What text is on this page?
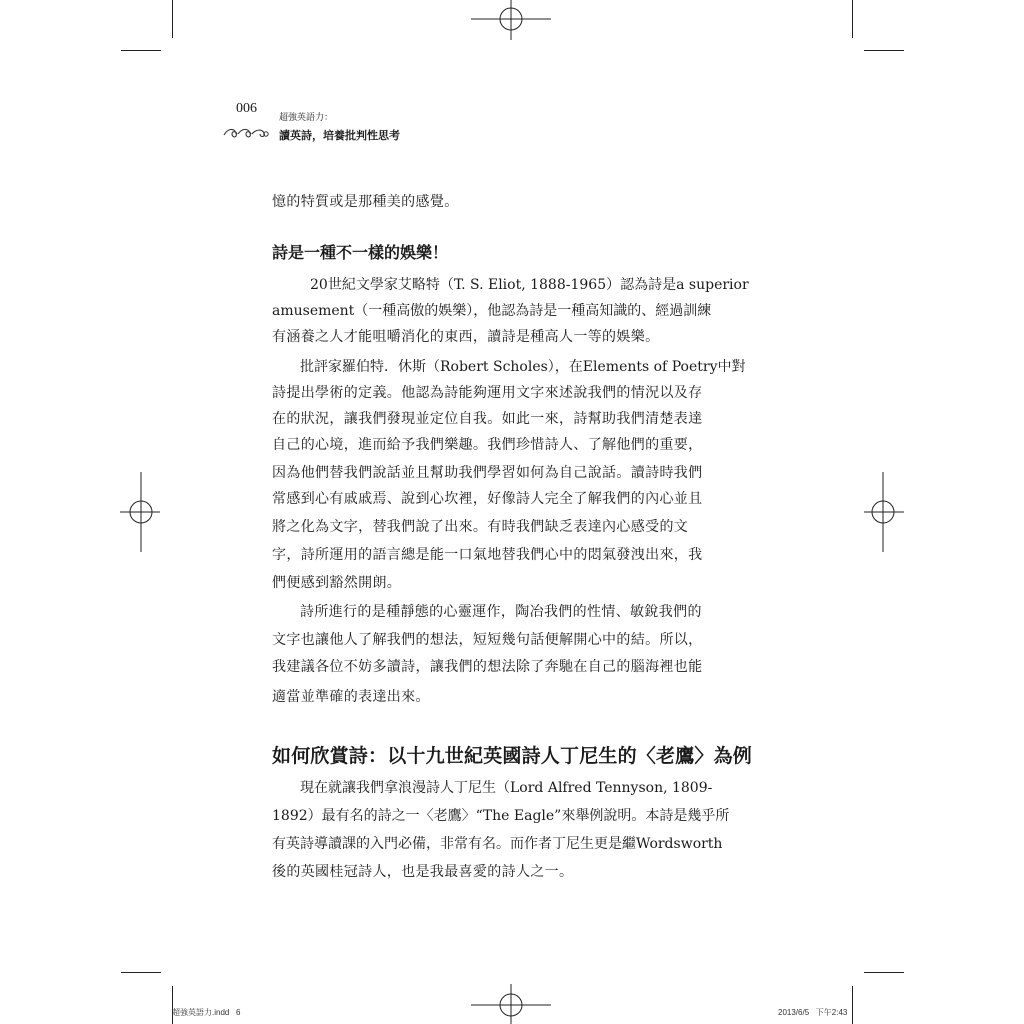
006
超強英語力：
讀英詩，培養批判性思考
憶的特質或是那種美的感覺。
詩是一種不一樣的娛樂！
20世紀文學家艾略特（T. S. Eliot, 1888-1965）認為詩是a superior
amusement（一種高傲的娛樂），他認為詩是一種高知識的、經過訓練
有涵養之人才能咀嚼消化的東西，讀詩是種高人一等的娛樂。
批評家羅伯特．休斯（Robert Scholes），在Elements of Poetry中對
詩提出學術的定義。他認為詩能夠運用文字來述說我們的情況以及存
在的狀況，讓我們發現並定位自我。如此一來，詩幫助我們清楚表達
自己的心境，進而給予我們樂趣。我們珍惜詩人、了解他們的重要，
因為他們替我們說話並且幫助我們學習如何為自己說話。讀詩時我們
常感到心有戚戚焉、說到心坎裡，好像詩人完全了解我們的內心並且
將之化為文字，替我們說了出來。有時我們缺乏表達內心感受的文
字，詩所運用的語言總是能一口氣地替我們心中的悶氣發洩出來，我
們便感到豁然開朗。
詩所進行的是種靜態的心靈運作，陶冶我們的性情、敏銳我們的
文字也讓他人了解我們的想法，短短幾句話便解開心中的結。所以，
我建議各位不妨多讀詩，讓我們的想法除了奔馳在自己的腦海裡也能
適當並準確的表達出來。
如何欣賞詩：以十九世紀英國詩人丁尼生的〈老鷹〉為例
現在就讓我們拿浪漫詩人丁尼生（Lord Alfred Tennyson, 1809-
1892）最有名的詩之一〈老鷹〉“The Eagle”來舉例說明。本詩是幾乎所
有英詩導讀課的入門必備，非常有名。而作者丁尼生更是繼Wordsworth
後的英國桂冠詩人，也是我最喜愛的詩人之一。
超強英語力.indd   6	2013/6/5   下午2:43
